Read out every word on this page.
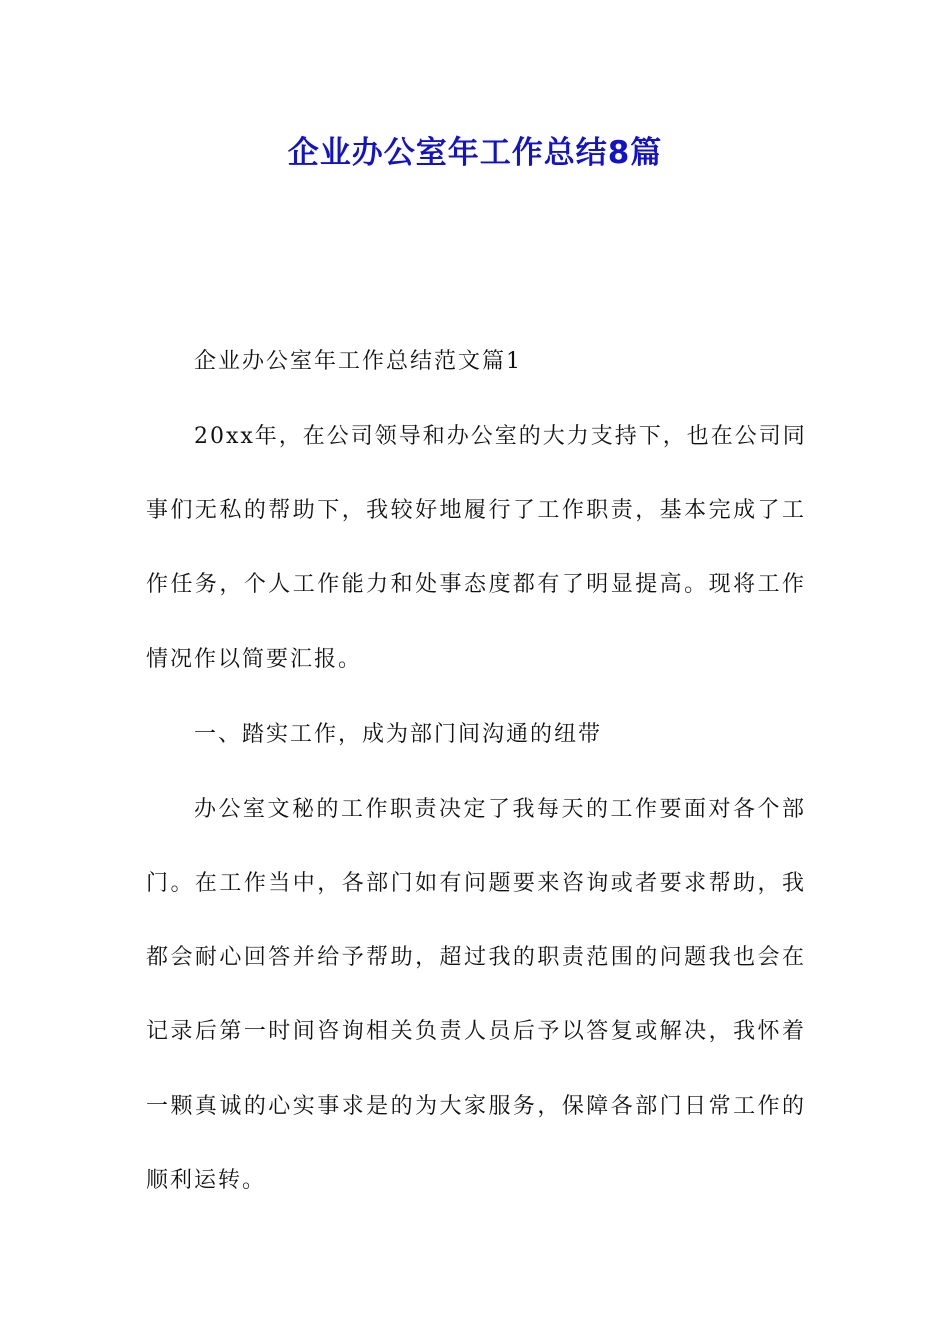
企业办公室年工作总结8篇
企业办公室年工作总结范文篇1
20xx年，在公司领导和办公室的大力支持下，也在公司同
事们无私的帮助下，我较好地履行了工作职责，基本完成了工
作任务，个人工作能力和处事态度都有了明显提高。现将工作
情况作以简要汇报。
一、踏实工作，成为部门间沟通的纽带
办公室文秘的工作职责决定了我每天的工作要面对各个部
门。在工作当中，各部门如有问题要来咨询或者要求帮助，我
都会耐心回答并给予帮助，超过我的职责范围的问题我也会在
记录后第一时间咨询相关负责人员后予以答复或解决，我怀着
一颗真诚的心实事求是的为大家服务，保障各部门日常工作的
顺利运转。
